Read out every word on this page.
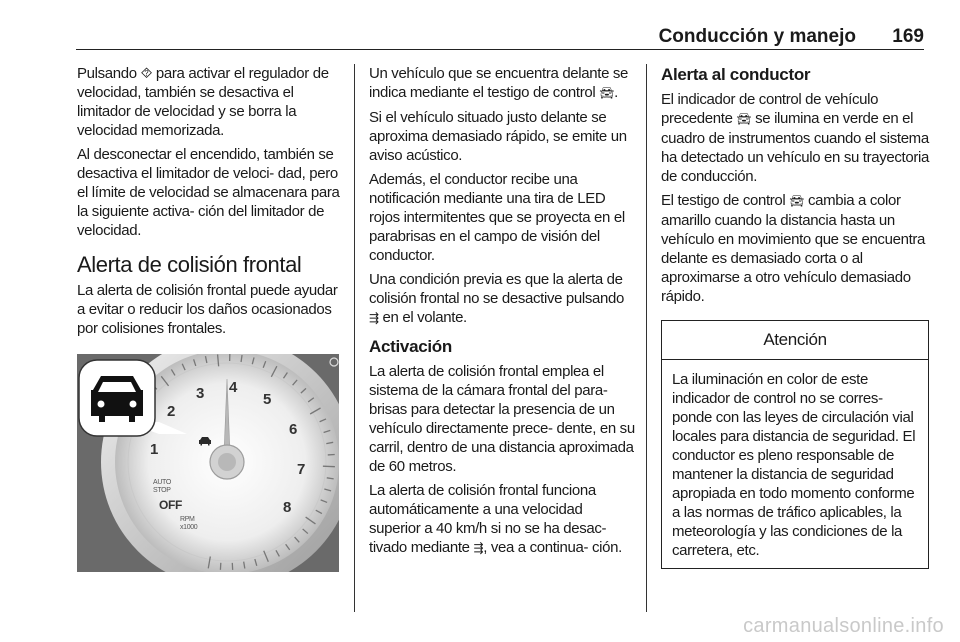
Conducción y manejo 169

Pulsando ⯑ para activar el regulador de velocidad, también se desactiva el limitador de velocidad y se borra la velocidad memorizada.

Al desconectar el encendido, también se desactiva el limitador de veloci‐ dad, pero el límite de velocidad se almacenara para la siguiente activa‐ ción del limitador de velocidad.

Alerta de colisión frontal

La alerta de colisión frontal puede ayudar a evitar o reducir los daños ocasionados por colisiones frontales.

1
2
3 4
5
6
7
8
AUTO
STOP
OFF
RPM
x1000

Un vehículo que se encuentra delante se indica mediante el testigo de control 🚘︎.

Si el vehículo situado justo delante se aproxima demasiado rápido, se emite un aviso acústico.

Además, el conductor recibe una notificación mediante una tira de LED rojos intermitentes que se proyecta en el parabrisas en el campo de visión del conductor.

Una condición previa es que la alerta de colisión frontal no se desactive pulsando ⇶ en el volante.

Activación

La alerta de colisión frontal emplea el sistema de la cámara frontal del para‐ brisas para detectar la presencia de un vehículo directamente prece‐ dente, en su carril, dentro de una distancia aproximada de 60 metros.

La alerta de colisión frontal funciona automáticamente a una velocidad superior a 40 km/h si no se ha desac‐ tivado mediante ⇶, vea a continua‐ ción.

Alerta al conductor

El indicador de control de vehículo precedente 🚘︎ se ilumina en verde en el cuadro de instrumentos cuando el sistema ha detectado un vehículo en su trayectoria de conducción.

El testigo de control 🚘︎ cambia a color amarillo cuando la distancia hasta un vehículo en movimiento que se encuentra delante es demasiado corta o al aproximarse a otro vehículo demasiado rápido.

Atención
La iluminación en color de este indicador de control no se corres‐ ponde con las leyes de circulación vial locales para distancia de seguridad. El conductor es pleno responsable de mantener la distancia de seguridad apropiada en todo momento conforme a las normas de tráfico aplicables, la meteorología y las condiciones de la carretera, etc.
carmanualsonline.info
